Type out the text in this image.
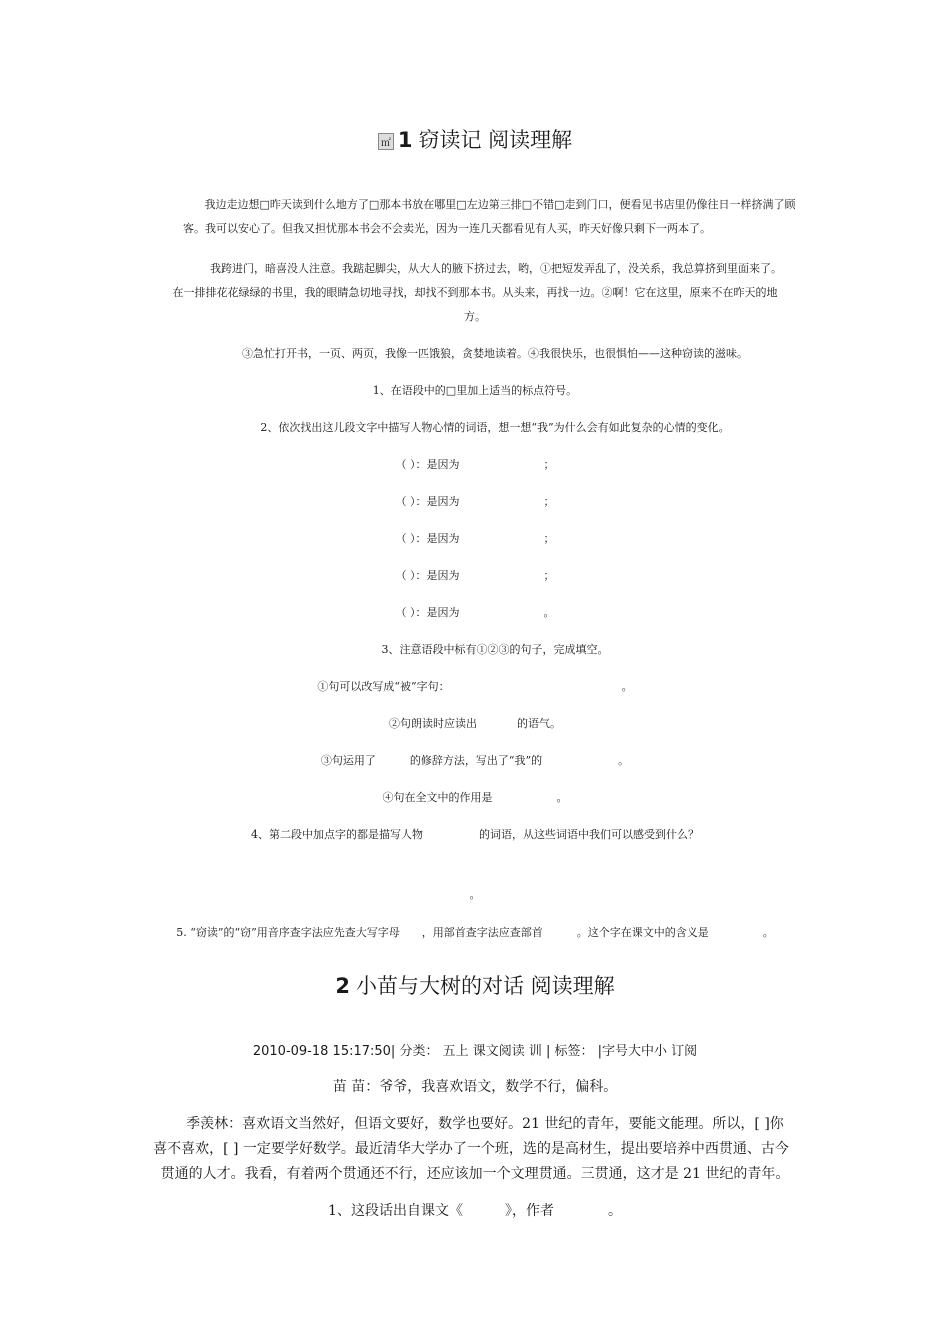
㎡ 1 窃读记 阅读理解
我边走边想□昨天读到什么地方了□那本书放在哪里□左边第三排□不错□走到门口，便看见书店里仍像往日一样挤满了顾
客。我可以安心了。但我又担忧那本书会不会卖光，因为一连几天都看见有人买，昨天好像只剩下一两本了。
我跨进门，暗喜没人注意。我踮起脚尖，从大人的腋下挤过去，哟，①把短发弄乱了，没关系，我总算挤到里面来了。
在一排排花花绿绿的书里，我的眼睛急切地寻找，却找不到那本书。从头来，再找一边。②啊！它在这里，原来不在昨天的地
方。
③急忙打开书，一页、两页，我像一匹饿狼，贪婪地读着。④我很快乐，也很惧怕——这种窃读的滋味。
1、在语段中的□里加上适当的标点符号。
2、依次找出这儿段文字中描写人物心情的词语，想一想“我”为什么会有如此复杂的心情的变化。
（ ）：是因为	；
（ ）：是因为	；
（ ）：是因为	；
（ ）：是因为	；
（ ）：是因为	。
3、注意语段中标有①②③的句子，完成填空。
①句可以改写成“被”字句：	。
②句朗读时应读出	的语气。
③句运用了	的修辞方法，写出了“我”的	。
④句在全文中的作用是	。
4、第二段中加点字的都是描写人物	的词语，从这些词语中我们可以感受到什么？
。
5. “窃读”的“窃”用音序查字法应先查大写字母 ，用部首查字法应查部首	。这个字在课文中的含义是	。
2 小苗与大树的对话 阅读理解
2010-09-18 15:17:50| 分类： 五上 课文阅读 训 | 标签： |字号大中小 订阅
苗 苗：爷爷，我喜欢语文，数学不行，偏科。
季羡林：喜欢语文当然好，但语文要好，数学也要好。21 世纪的青年，要能文能理。所以，[ ]你
喜不喜欢，[ ] 一定要学好数学。最近清华大学办了一个班，选的是高材生，提出要培养中西贯通、古今
贯通的人才。我看，有着两个贯通还不行，还应该加一个文理贯通。三贯通，这才是 21 世纪的青年。
1、这段话出自课文《	》，作者	。
